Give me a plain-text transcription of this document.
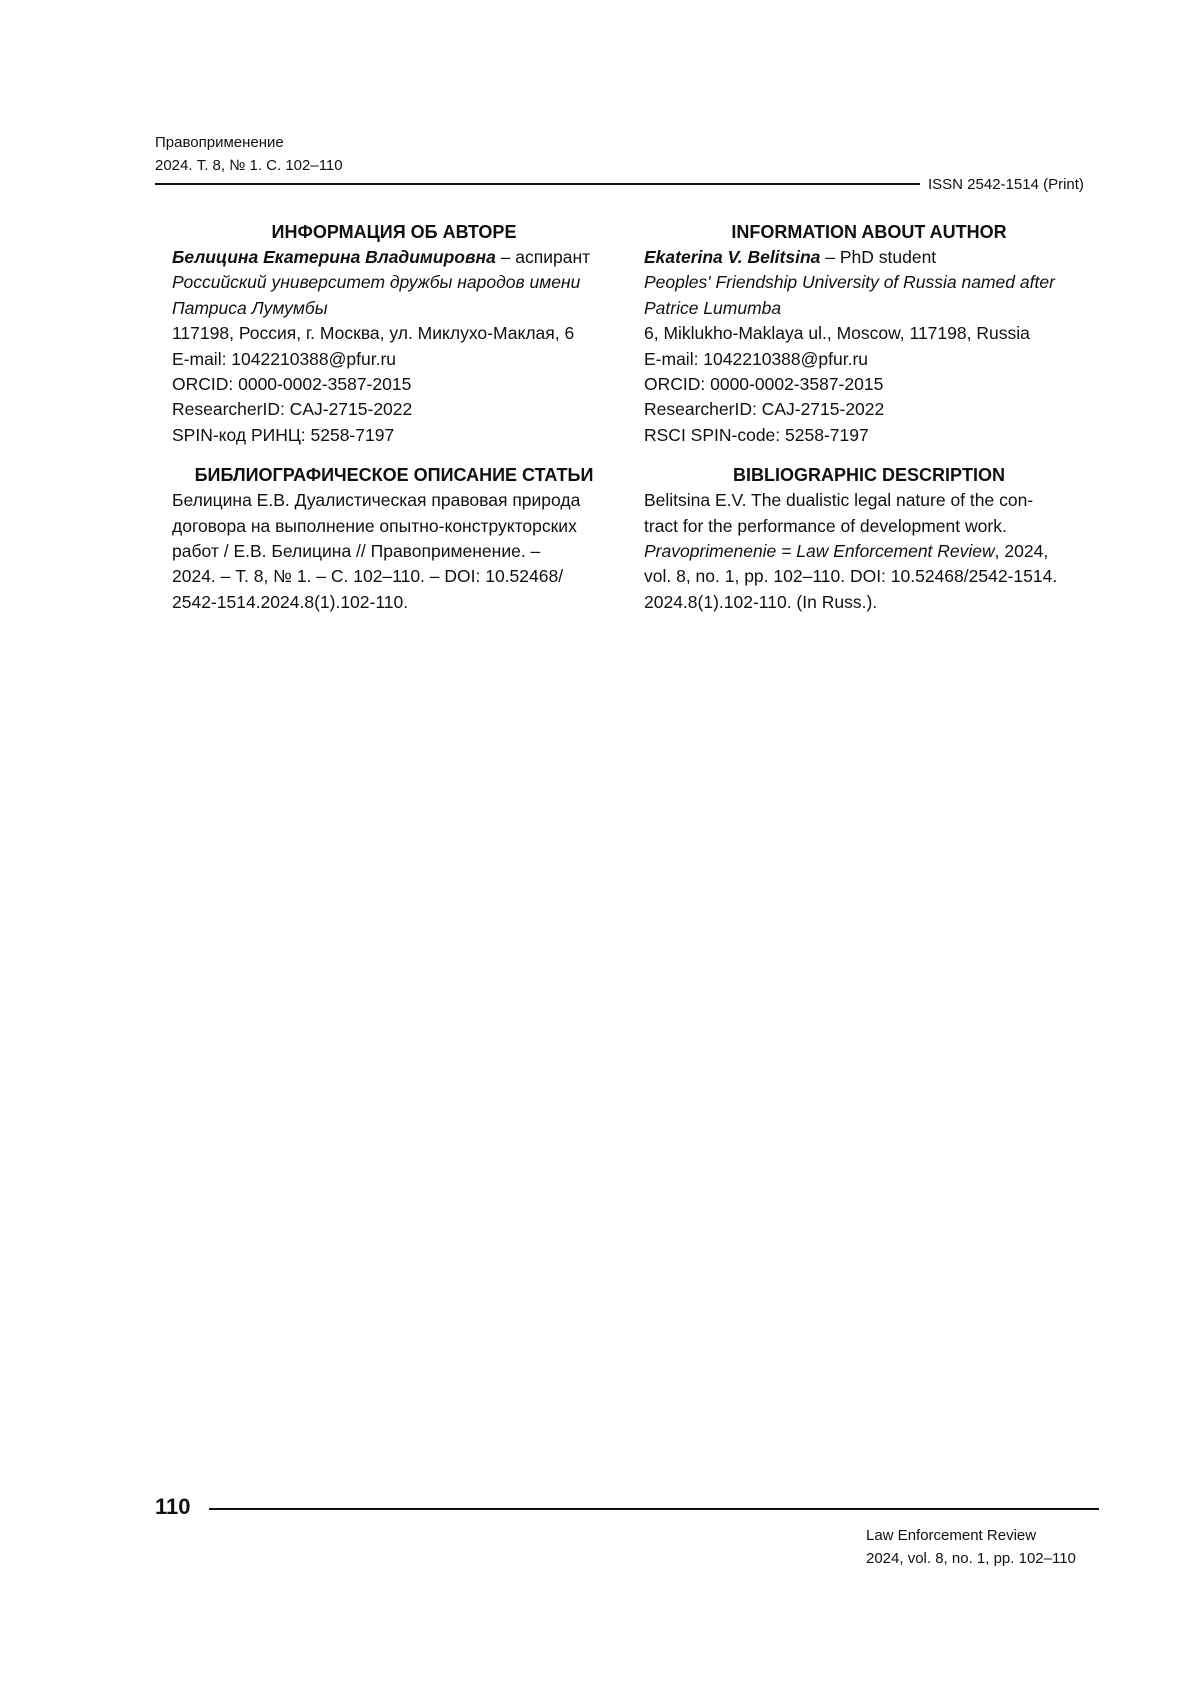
Правоприменение
2024. Т. 8, № 1. С. 102–110
ISSN 2542-1514 (Print)
ИНФОРМАЦИЯ ОБ АВТОРЕ
Белицина Екатерина Владимировна – аспирант
Российский университет дружбы народов имени
Патриса Лумумбы
117198, Россия, г. Москва, ул. Миклухо-Маклая, 6
E-mail: 1042210388@pfur.ru
ORCID: 0000-0002-3587-2015
ResearcherID: CAJ-2715-2022
SPIN-код РИНЦ: 5258-7197
БИБЛИОГРАФИЧЕСКОЕ ОПИСАНИЕ СТАТЬИ
Белицина Е.В. Дуалистическая правовая природа
договора на выполнение опытно-конструкторских
работ / Е.В. Белицина // Правоприменение. –
2024. – Т. 8, № 1. – С. 102–110. – DOI: 10.52468/
2542-1514.2024.8(1).102-110.
INFORMATION ABOUT AUTHOR
Ekaterina V. Belitsina – PhD student
Peoples' Friendship University of Russia named after
Patrice Lumumba
6, Miklukho-Maklaya ul., Moscow, 117198, Russia
E-mail: 1042210388@pfur.ru
ORCID: 0000-0002-3587-2015
ResearcherID: CAJ-2715-2022
RSCI SPIN-code: 5258-7197
BIBLIOGRAPHIC DESCRIPTION
Belitsina E.V. The dualistic legal nature of the con-
tract for the performance of development work.
Pravoprimenenie = Law Enforcement Review, 2024,
vol. 8, no. 1, pp. 102–110. DOI: 10.52468/2542-1514.
2024.8(1).102-110. (In Russ.).
110
Law Enforcement Review
2024, vol. 8, no. 1, pp. 102–110
